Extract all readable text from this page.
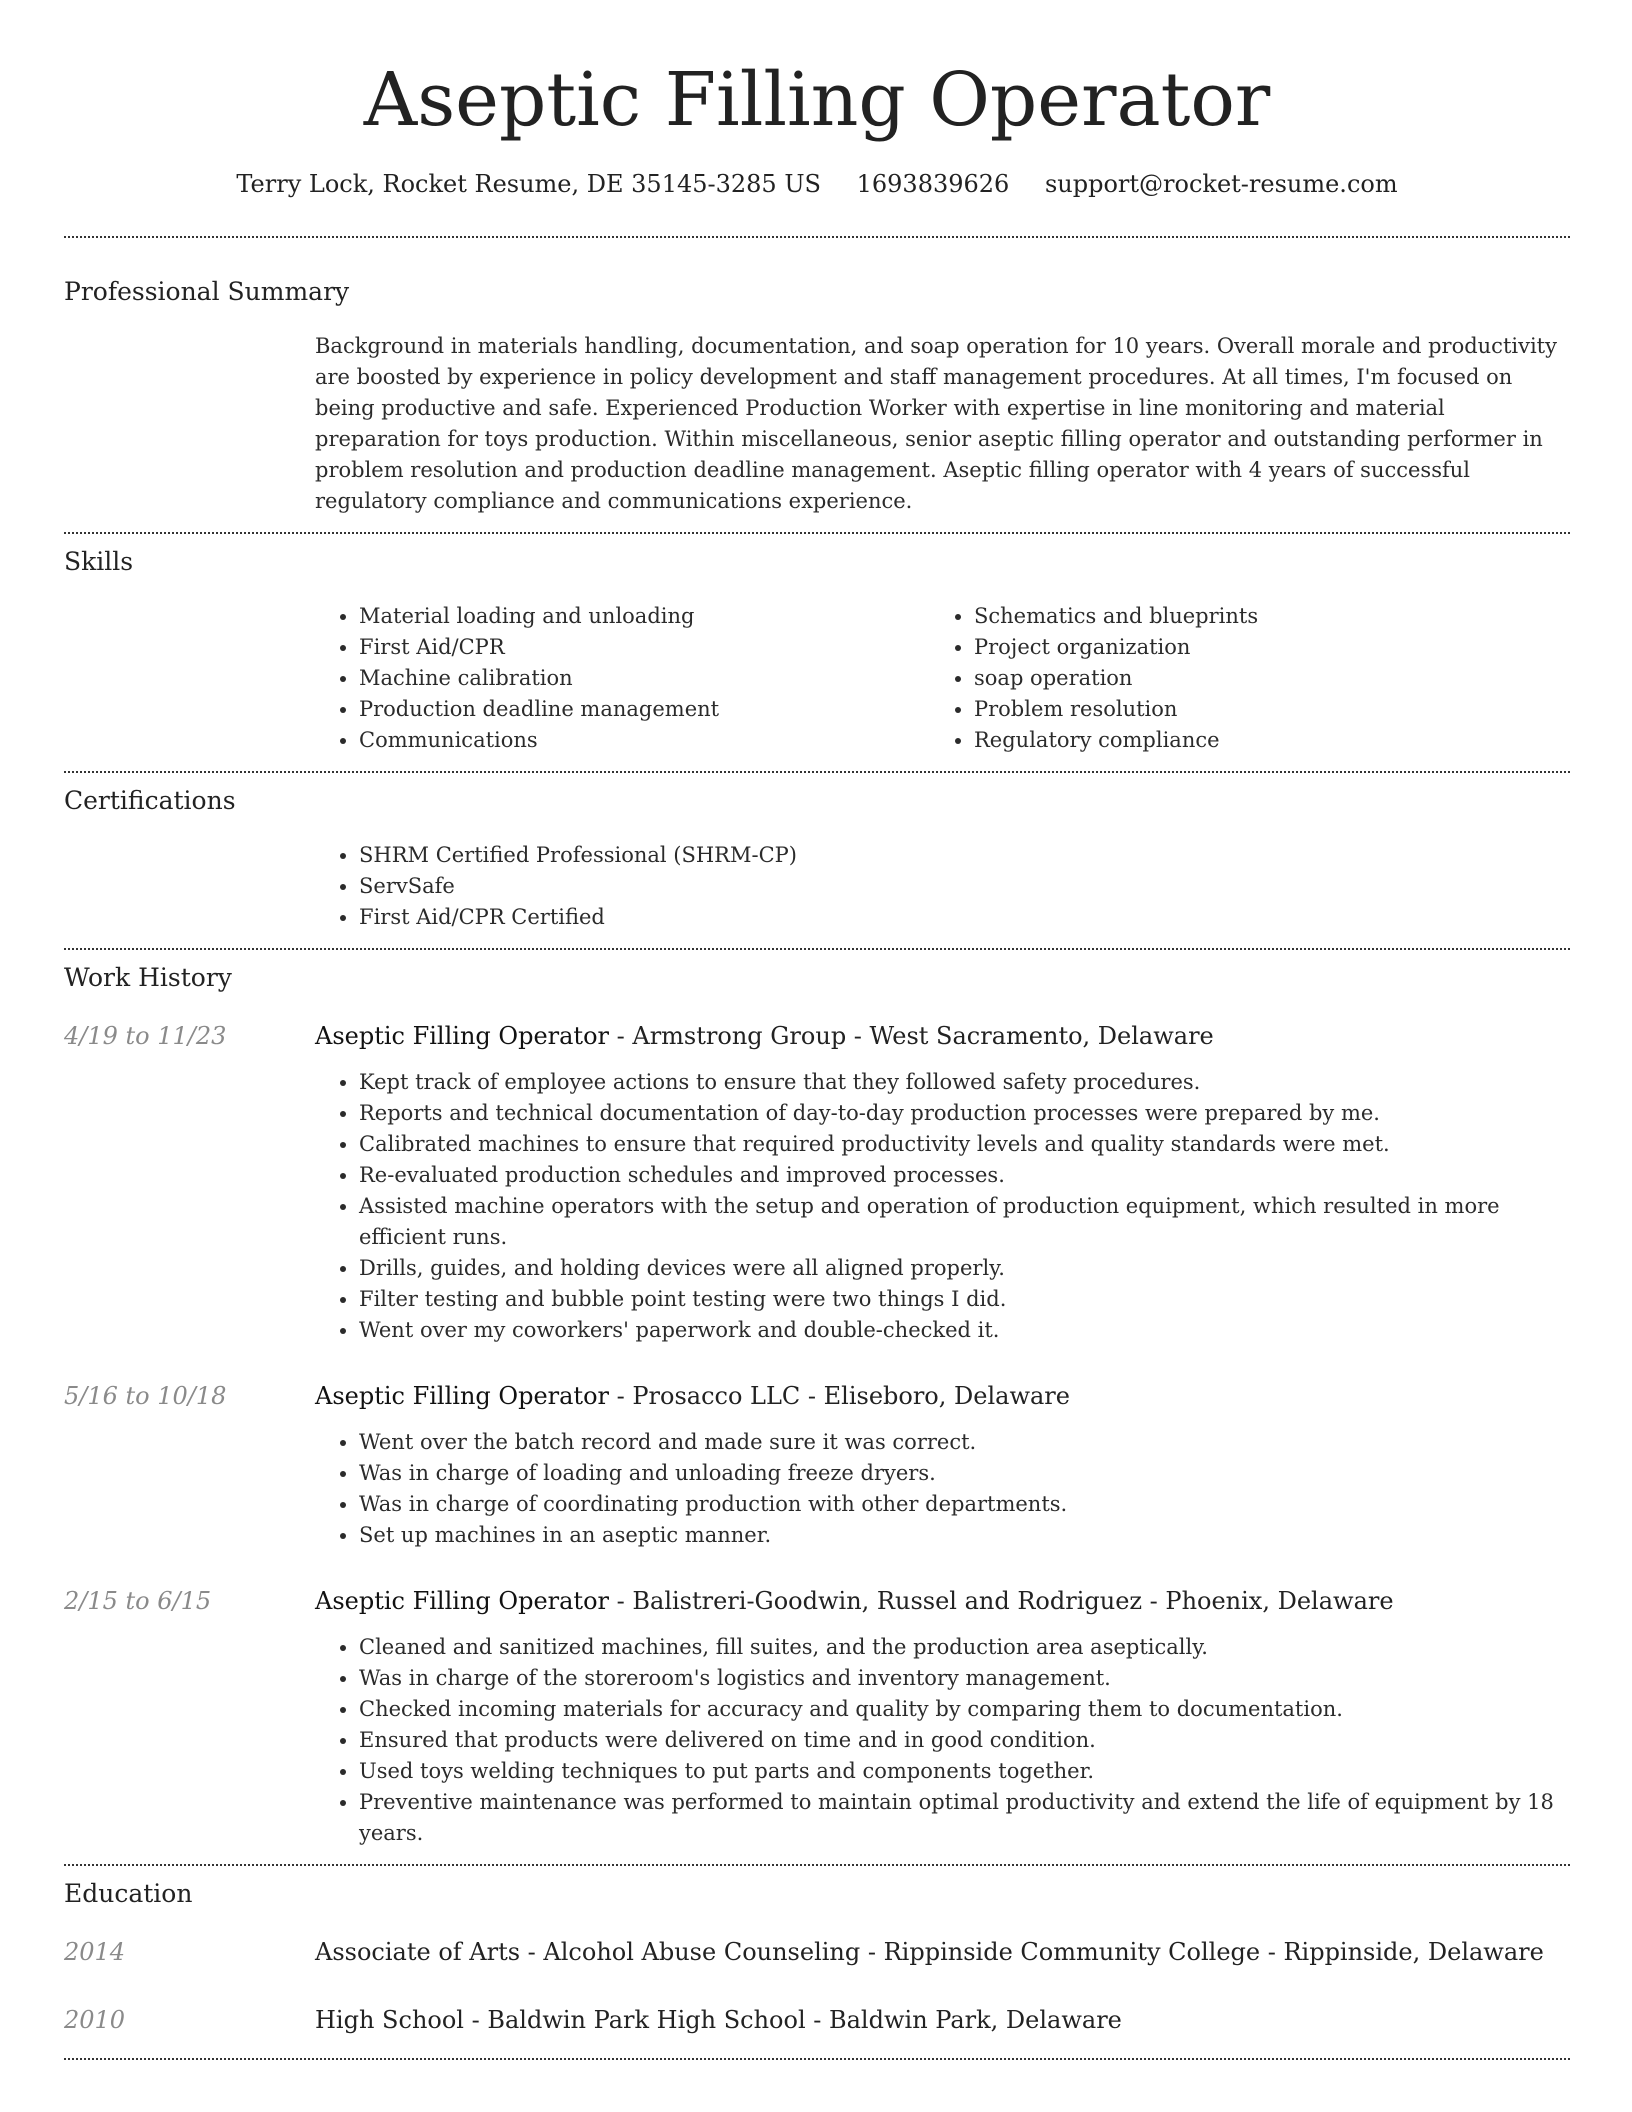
Aseptic Filling Operator
Terry Lock, Rocket Resume, DE 35145-3285 US 1693839626 support@rocket-resume.com
Professional Summary
Background in materials handling, documentation, and soap operation for 10 years. Overall morale and productivity are boosted by experience in policy development and staff management procedures. At all times, I'm focused on being productive and safe. Experienced Production Worker with expertise in line monitoring and material preparation for toys production. Within miscellaneous, senior aseptic filling operator and outstanding performer in problem resolution and production deadline management. Aseptic filling operator with 4 years of successful regulatory compliance and communications experience.
Skills
• Material loading and unloading
• First Aid/CPR
• Machine calibration
• Production deadline management
• Communications
• Schematics and blueprints
• Project organization
• soap operation
• Problem resolution
• Regulatory compliance
Certifications
• SHRM Certified Professional (SHRM-CP)
• ServSafe
• First Aid/CPR Certified
Work History
4/19 to 11/23	Aseptic Filling Operator - Armstrong Group - West Sacramento, Delaware
• Kept track of employee actions to ensure that they followed safety procedures.
• Reports and technical documentation of day-to-day production processes were prepared by me.
• Calibrated machines to ensure that required productivity levels and quality standards were met.
• Re-evaluated production schedules and improved processes.
• Assisted machine operators with the setup and operation of production equipment, which resulted in more efficient runs.
• Drills, guides, and holding devices were all aligned properly.
• Filter testing and bubble point testing were two things I did.
• Went over my coworkers' paperwork and double-checked it.
5/16 to 10/18	Aseptic Filling Operator - Prosacco LLC - Eliseboro, Delaware
• Went over the batch record and made sure it was correct.
• Was in charge of loading and unloading freeze dryers.
• Was in charge of coordinating production with other departments.
• Set up machines in an aseptic manner.
2/15 to 6/15	Aseptic Filling Operator - Balistreri-Goodwin, Russel and Rodriguez - Phoenix, Delaware
• Cleaned and sanitized machines, fill suites, and the production area aseptically.
• Was in charge of the storeroom's logistics and inventory management.
• Checked incoming materials for accuracy and quality by comparing them to documentation.
• Ensured that products were delivered on time and in good condition.
• Used toys welding techniques to put parts and components together.
• Preventive maintenance was performed to maintain optimal productivity and extend the life of equipment by 18 years.
Education
2014	Associate of Arts - Alcohol Abuse Counseling - Rippinside Community College - Rippinside, Delaware
2010	High School - Baldwin Park High School - Baldwin Park, Delaware
